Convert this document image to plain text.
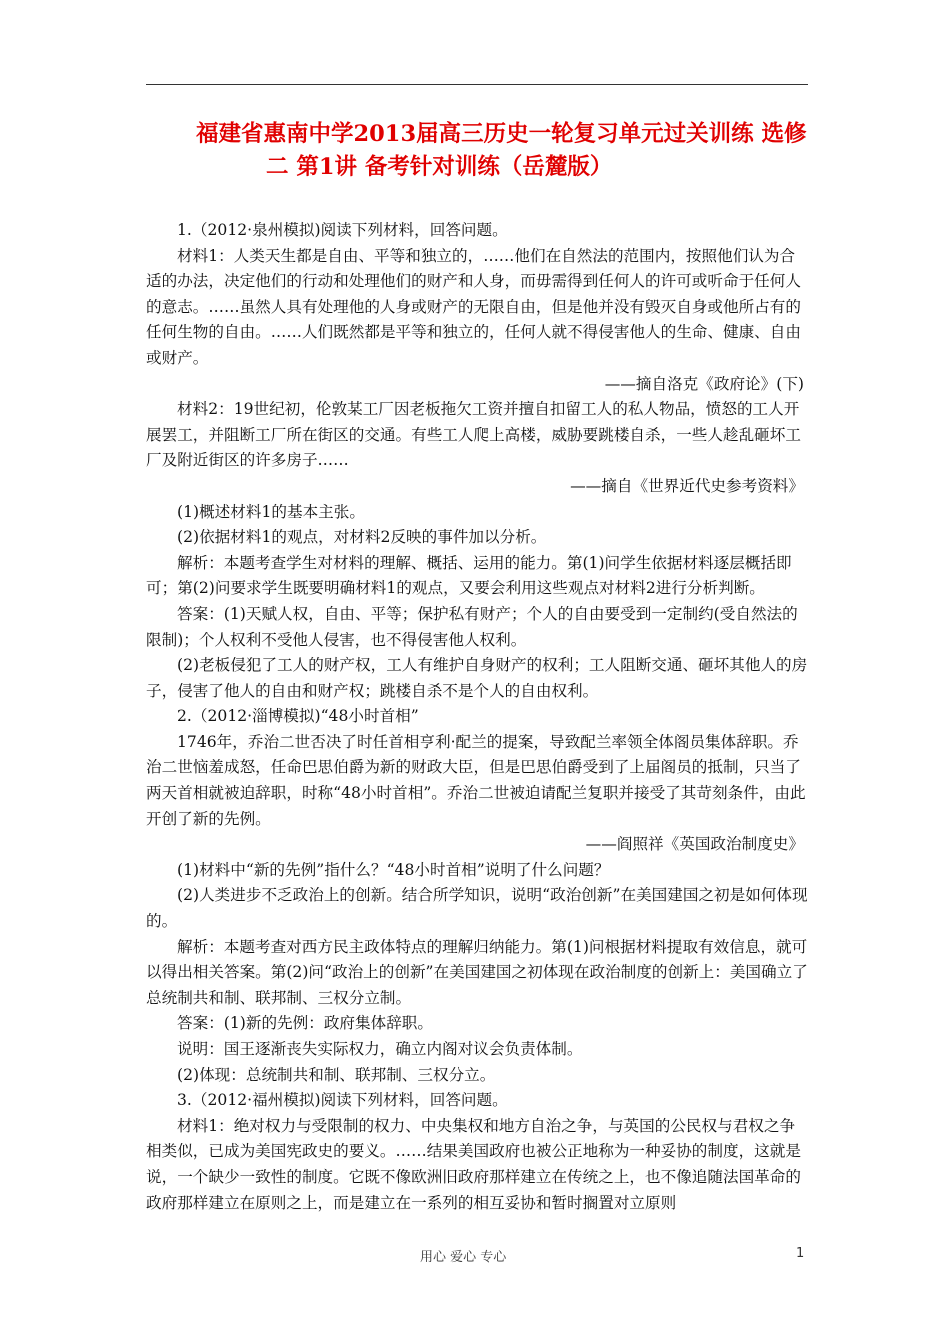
福建省惠南中学2013届高三历史一轮复习单元过关训练 选修
二 第1讲 备考针对训练（岳麓版）

1.（2012·泉州模拟)阅读下列材料，回答问题。

材料1：人类天生都是自由、平等和独立的，……他们在自然法的范围内，按照他们认为合适的办法，决定他们的行动和处理他们的财产和人身，而毋需得到任何人的许可或听命于任何人的意志。……虽然人具有处理他的人身或财产的无限自由，但是他并没有毁灭自身或他所占有的任何生物的自由。……人们既然都是平等和独立的，任何人就不得侵害他人的生命、健康、自由或财产。

——摘自洛克《政府论》(下)

材料2：19世纪初，伦敦某工厂因老板拖欠工资并擅自扣留工人的私人物品，愤怒的工人开展罢工，并阻断工厂所在街区的交通。有些工人爬上高楼，威胁要跳楼自杀，一些人趁乱砸坏工厂及附近街区的许多房子……

——摘自《世界近代史参考资料》

(1)概述材料1的基本主张。

(2)依据材料1的观点，对材料2反映的事件加以分析。

解析：本题考查学生对材料的理解、概括、运用的能力。第(1)问学生依据材料逐层概括即可；第(2)问要求学生既要明确材料1的观点，又要会利用这些观点对材料2进行分析判断。

答案：(1)天赋人权，自由、平等；保护私有财产；个人的自由要受到一定制约(受自然法的限制)；个人权利不受他人侵害，也不得侵害他人权利。

(2)老板侵犯了工人的财产权，工人有维护自身财产的权利；工人阻断交通、砸坏其他人的房子，侵害了他人的自由和财产权；跳楼自杀不是个人的自由权利。

2.（2012·淄博模拟)“48小时首相”

1746年，乔治二世否决了时任首相亨利·配兰的提案，导致配兰率领全体阁员集体辞职。乔治二世恼羞成怒，任命巴思伯爵为新的财政大臣，但是巴思伯爵受到了上届阁员的抵制，只当了两天首相就被迫辞职，时称“48小时首相”。乔治二世被迫请配兰复职并接受了其苛刻条件，由此开创了新的先例。

——阎照祥《英国政治制度史》

(1)材料中“新的先例”指什么？“48小时首相”说明了什么问题？

(2)人类进步不乏政治上的创新。结合所学知识，说明“政治创新”在美国建国之初是如何体现的。

解析：本题考查对西方民主政体特点的理解归纳能力。第(1)问根据材料提取有效信息，就可以得出相关答案。第(2)问“政治上的创新”在美国建国之初体现在政治制度的创新上：美国确立了总统制共和制、联邦制、三权分立制。

答案：(1)新的先例：政府集体辞职。

说明：国王逐渐丧失实际权力，确立内阁对议会负责体制。

(2)体现：总统制共和制、联邦制、三权分立。

3.（2012·福州模拟)阅读下列材料，回答问题。

材料1：绝对权力与受限制的权力、中央集权和地方自治之争，与英国的公民权与君权之争相类似，已成为美国宪政史的要义。……结果美国政府也被公正地称为一种妥协的制度，这就是说，一个缺少一致性的制度。它既不像欧洲旧政府那样建立在传统之上，也不像追随法国革命的政府那样建立在原则之上，而是建立在一系列的相互妥协和暂时搁置对立原则

用心 爱心 专心	1
